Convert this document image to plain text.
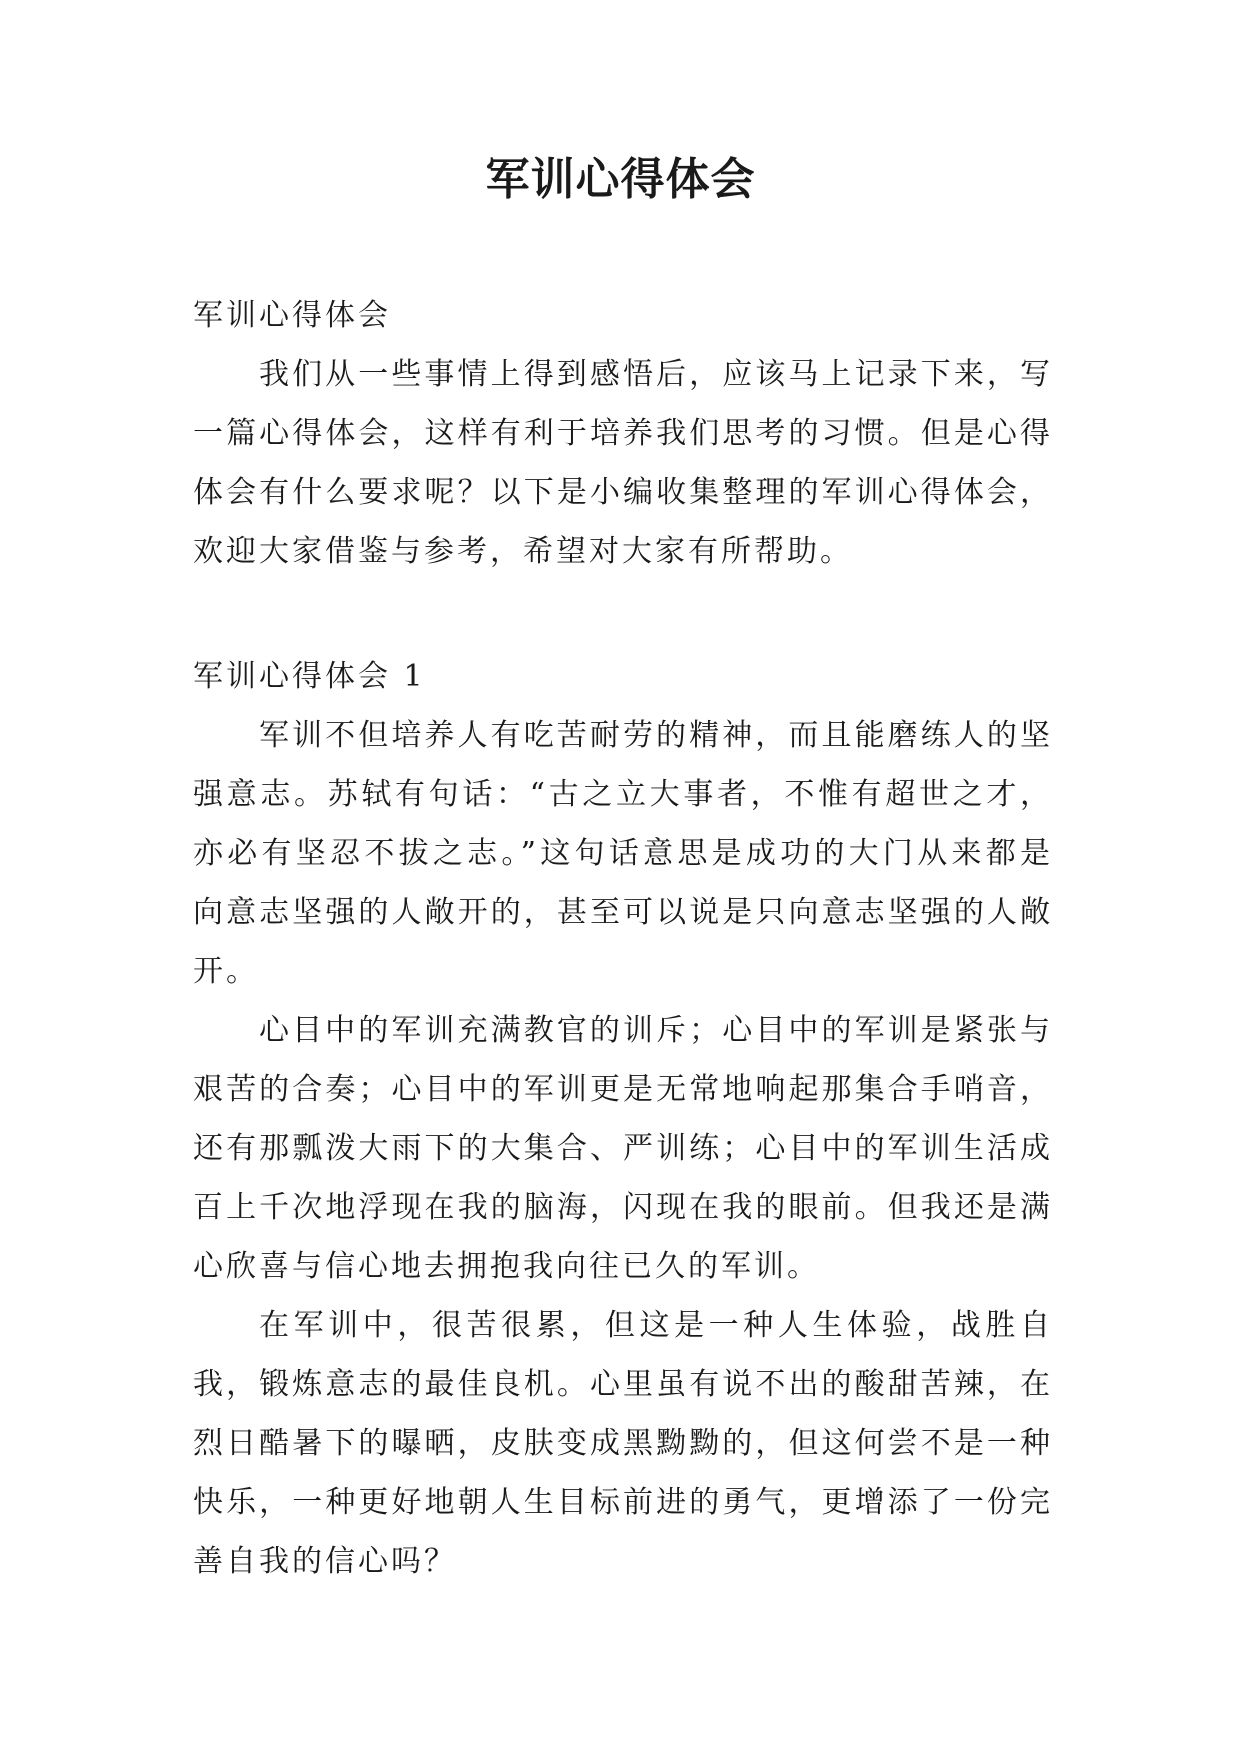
军训心得体会

军训心得体会

我们从一些事情上得到感悟后，应该马上记录下来，写一篇心得体会，这样有利于培养我们思考的习惯。但是心得体会有什么要求呢？以下是小编收集整理的军训心得体会，欢迎大家借鉴与参考，希望对大家有所帮助。

军训心得体会 1

军训不但培养人有吃苦耐劳的精神，而且能磨练人的坚强意志。苏轼有句话：“古之立大事者，不惟有超世之才，亦必有坚忍不拔之志。”这句话意思是成功的大门从来都是向意志坚强的人敞开的，甚至可以说是只向意志坚强的人敞开。

心目中的军训充满教官的训斥；心目中的军训是紧张与艰苦的合奏；心目中的军训更是无常地响起那集合手哨音，还有那瓢泼大雨下的大集合、严训练；心目中的军训生活成百上千次地浮现在我的脑海，闪现在我的眼前。但我还是满心欣喜与信心地去拥抱我向往已久的军训。

在军训中，很苦很累，但这是一种人生体验，战胜自我，锻炼意志的最佳良机。心里虽有说不出的酸甜苦辣，在烈日酷暑下的曝晒，皮肤变成黑黝黝的，但这何尝不是一种快乐，一种更好地朝人生目标前进的勇气，更增添了一份完善自我的信心吗？
